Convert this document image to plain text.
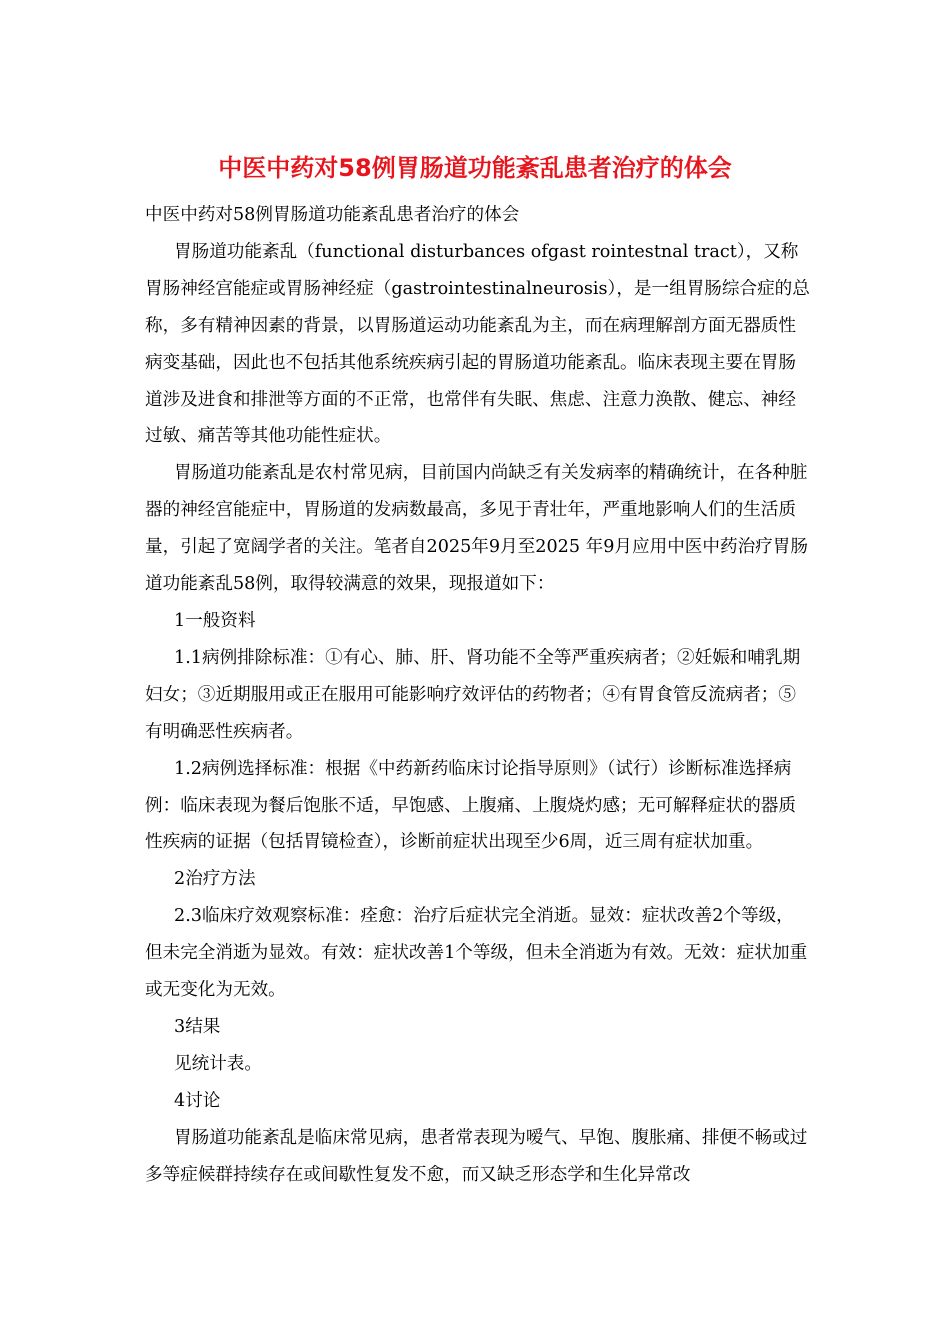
中医中药对58例胃肠道功能紊乱患者治疗的体会

中医中药对58例胃肠道功能紊乱患者治疗的体会

胃肠道功能紊乱（functional disturbances ofgast rointestnal tract），又称胃肠神经宫能症或胃肠神经症（gastrointestinalneurosis），是一组胃肠综合症的总称，多有精神因素的背景，以胃肠道运动功能紊乱为主，而在病理解剖方面无器质性病变基础，因此也不包括其他系统疾病引起的胃肠道功能紊乱。临床表现主要在胃肠道涉及进食和排泄等方面的不正常，也常伴有失眠、焦虑、注意力涣散、健忘、神经过敏、痛苦等其他功能性症状。

胃肠道功能紊乱是农村常见病，目前国内尚缺乏有关发病率的精确统计，在各种脏器的神经宫能症中，胃肠道的发病数最高，多见于青壮年，严重地影响人们的生活质量，引起了宽阔学者的关注。笔者自2025年9月至2025 年9月应用中医中药治疗胃肠道功能紊乱58例，取得较满意的效果，现报道如下：

1一般资料

1.1病例排除标准：①有心、肺、肝、肾功能不全等严重疾病者；②妊娠和哺乳期妇女；③近期服用或正在服用可能影响疗效评估的药物者；④有胃食管反流病者；⑤有明确恶性疾病者。

1.2病例选择标准：根据《中药新药临床讨论指导原则》（试行）诊断标准选择病例：临床表现为餐后饱胀不适，早饱感、上腹痛、上腹烧灼感；无可解释症状的器质性疾病的证据（包括胃镜检查），诊断前症状出现至少6周，近三周有症状加重。

2治疗方法

2.3临床疗效观察标准：痊愈：治疗后症状完全消逝。显效：症状改善2个等级，但未完全消逝为显效。有效：症状改善1个等级，但未全消逝为有效。无效：症状加重或无变化为无效。

3结果

见统计表。

4讨论

胃肠道功能紊乱是临床常见病，患者常表现为嗳气、早饱、腹胀痛、排便不畅或过多等症候群持续存在或间歇性复发不愈，而又缺乏形态学和生化异常改
